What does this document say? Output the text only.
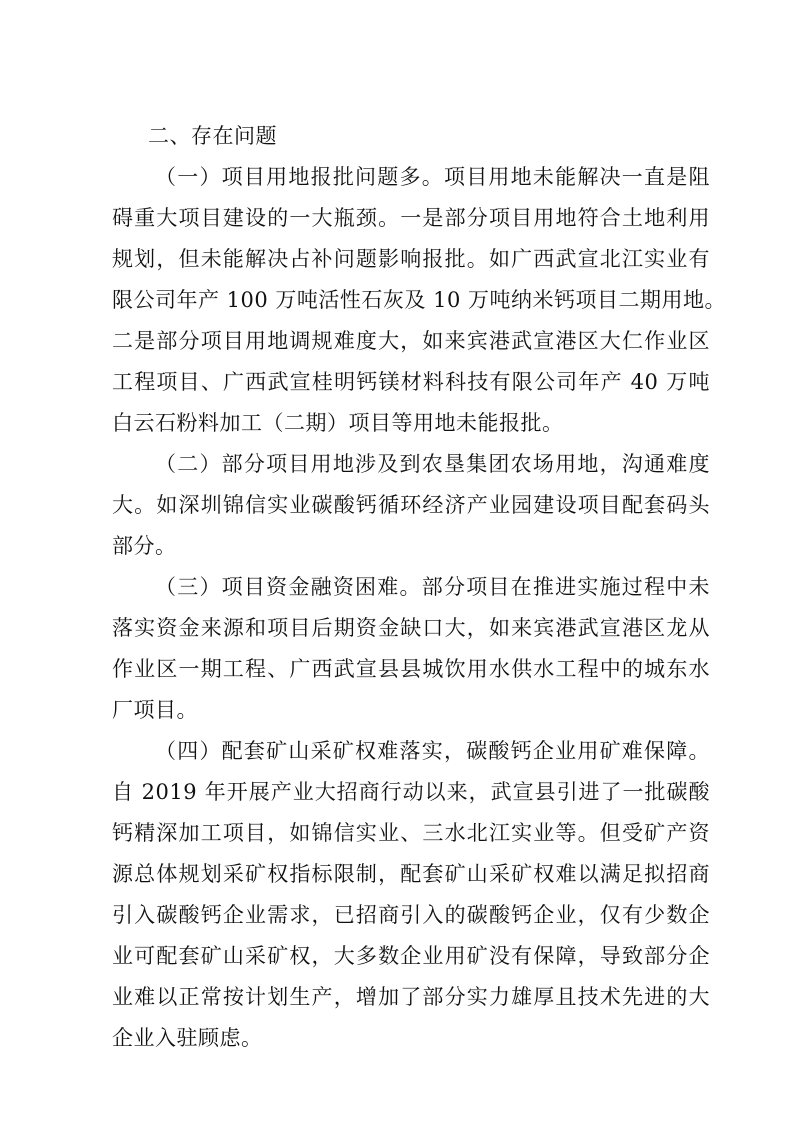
二、存在问题
（一）项目用地报批问题多。项目用地未能解决一直是阻
碍重大项目建设的一大瓶颈。一是部分项目用地符合土地利用
规划，但未能解决占补问题影响报批。如广西武宣北江实业有
限公司年产 100 万吨活性石灰及 10 万吨纳米钙项目二期用地。
二是部分项目用地调规难度大，如来宾港武宣港区大仁作业区
工程项目、广西武宣桂明钙镁材料科技有限公司年产 40 万吨
白云石粉料加工（二期）项目等用地未能报批。
（二）部分项目用地涉及到农垦集团农场用地，沟通难度
大。如深圳锦信实业碳酸钙循环经济产业园建设项目配套码头
部分。
（三）项目资金融资困难。部分项目在推进实施过程中未
落实资金来源和项目后期资金缺口大，如来宾港武宣港区龙从
作业区一期工程、广西武宣县县城饮用水供水工程中的城东水
厂项目。
（四）配套矿山采矿权难落实，碳酸钙企业用矿难保障。
自 2019 年开展产业大招商行动以来，武宣县引进了一批碳酸
钙精深加工项目，如锦信实业、三水北江实业等。但受矿产资
源总体规划采矿权指标限制，配套矿山采矿权难以满足拟招商
引入碳酸钙企业需求，已招商引入的碳酸钙企业，仅有少数企
业可配套矿山采矿权，大多数企业用矿没有保障，导致部分企
业难以正常按计划生产，增加了部分实力雄厚且技术先进的大
企业入驻顾虑。
